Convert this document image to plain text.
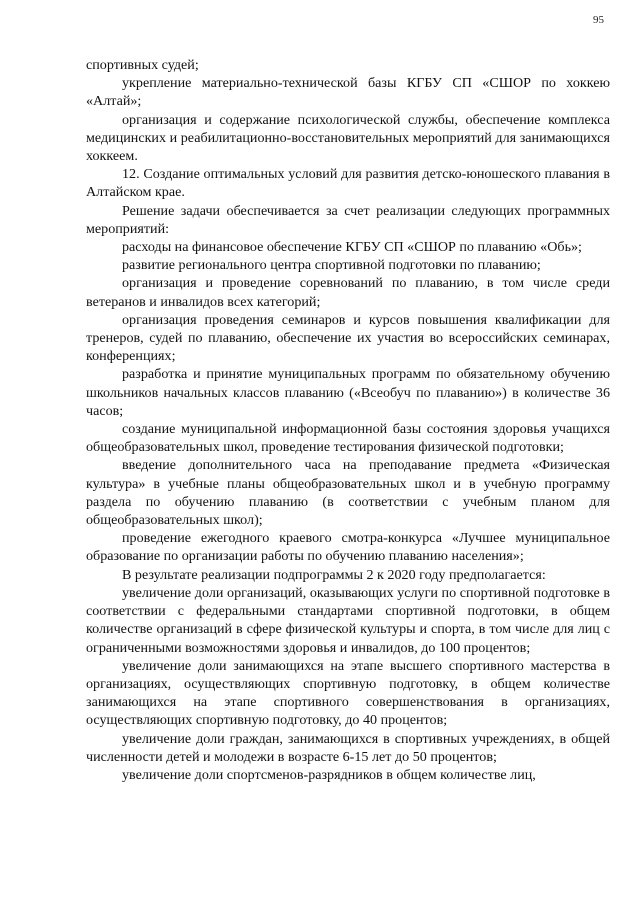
95

спортивных судей;

укрепление материально-технической базы КГБУ СП «СШОР по хоккею «Алтай»;

организация и содержание психологической службы, обеспечение комплекса медицинских и реабилитационно-восстановительных мероприятий для занимающихся хоккеем.

12. Создание оптимальных условий для развития детско-юношеского плавания в Алтайском крае.

Решение задачи обеспечивается за счет реализации следующих программных мероприятий:

расходы на финансовое обеспечение КГБУ СП «СШОР по плаванию «Обь»;

развитие регионального центра спортивной подготовки по плаванию;

организация и проведение соревнований по плаванию, в том числе среди ветеранов и инвалидов всех категорий;

организация проведения семинаров и курсов повышения квалификации для тренеров, судей по плаванию, обеспечение их участия во всероссийских семинарах, конференциях;

разработка и принятие муниципальных программ по обязательному обучению школьников начальных классов плаванию («Всеобуч по плаванию») в количестве 36 часов;

создание муниципальной информационной базы состояния здоровья учащихся общеобразовательных школ, проведение тестирования физической подготовки;

введение дополнительного часа на преподавание предмета «Физическая культура» в учебные планы общеобразовательных школ и в учебную программу раздела по обучению плаванию (в соответствии с учебным планом для общеобразовательных школ);

проведение ежегодного краевого смотра-конкурса «Лучшее муниципальное образование по организации работы по обучению плаванию населения»;

В результате реализации подпрограммы 2 к 2020 году предполагается:

увеличение доли организаций, оказывающих услуги по спортивной подготовке в соответствии с федеральными стандартами спортивной подготовки, в общем количестве организаций в сфере физической культуры и спорта, в том числе для лиц с ограниченными возможностями здоровья и инвалидов, до 100 процентов;

увеличение доли занимающихся на этапе высшего спортивного мастерства в организациях, осуществляющих спортивную подготовку, в общем количестве занимающихся на этапе спортивного совершенствования в организациях, осуществляющих спортивную подготовку, до 40 процентов;

увеличение доли граждан, занимающихся в спортивных учреждениях, в общей численности детей и молодежи в возрасте 6-15 лет до 50 процентов;

увеличение доли спортсменов-разрядников в общем количестве лиц,
